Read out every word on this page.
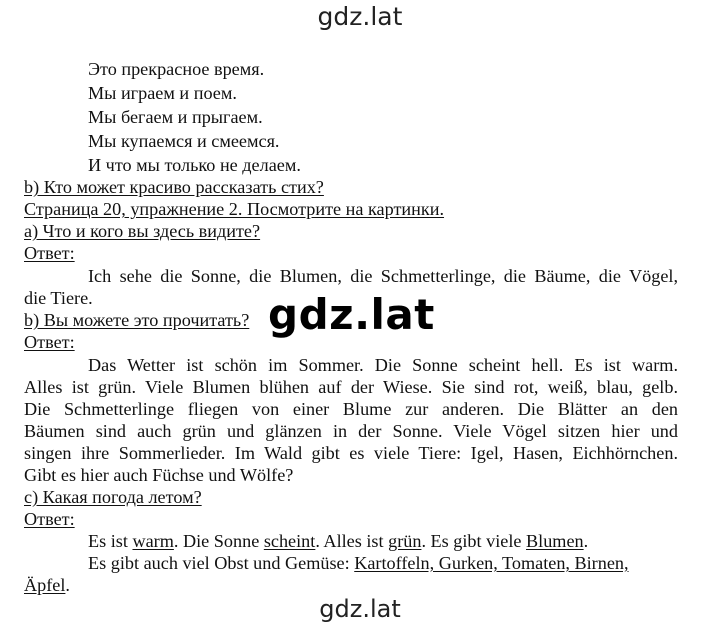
gdz.lat
Это прекрасное время.
Мы играем и поем.
Мы бегаем и прыгаем.
Мы купаемся и смеемся.
И что мы только не делаем.
b) Кто может красиво рассказать стих?
Страница 20, упражнение 2. Посмотрите на картинки.
a) Что и кого вы здесь видите?
Ответ:
Ich sehe die Sonne, die Blumen, die Schmetterlinge, die Bäume, die Vögel,
die Tiere.
b) Вы можете это прочитать? gdz.lat
Ответ:
Das Wetter ist schön im Sommer. Die Sonne scheint hell. Es ist warm.
Alles ist grün. Viele Blumen blühen auf der Wiese. Sie sind rot, weiß, blau, gelb.
Die Schmetterlinge fliegen von einer Blume zur anderen. Die Blätter an den
Bäumen sind auch grün und glänzen in der Sonne. Viele Vögel sitzen hier und
singen ihre Sommerlieder. Im Wald gibt es viele Tiere: Igel, Hasen, Eichhörnchen.
Gibt es hier auch Füchse und Wölfe?
c) Какая погода летом?
Ответ:
Es ist warm. Die Sonne scheint. Alles ist grün. Es gibt viele Blumen.
Es gibt auch viel Obst und Gemüse: Kartoffeln, Gurken, Tomaten, Birnen,
Äpfel.
gdz.lat
